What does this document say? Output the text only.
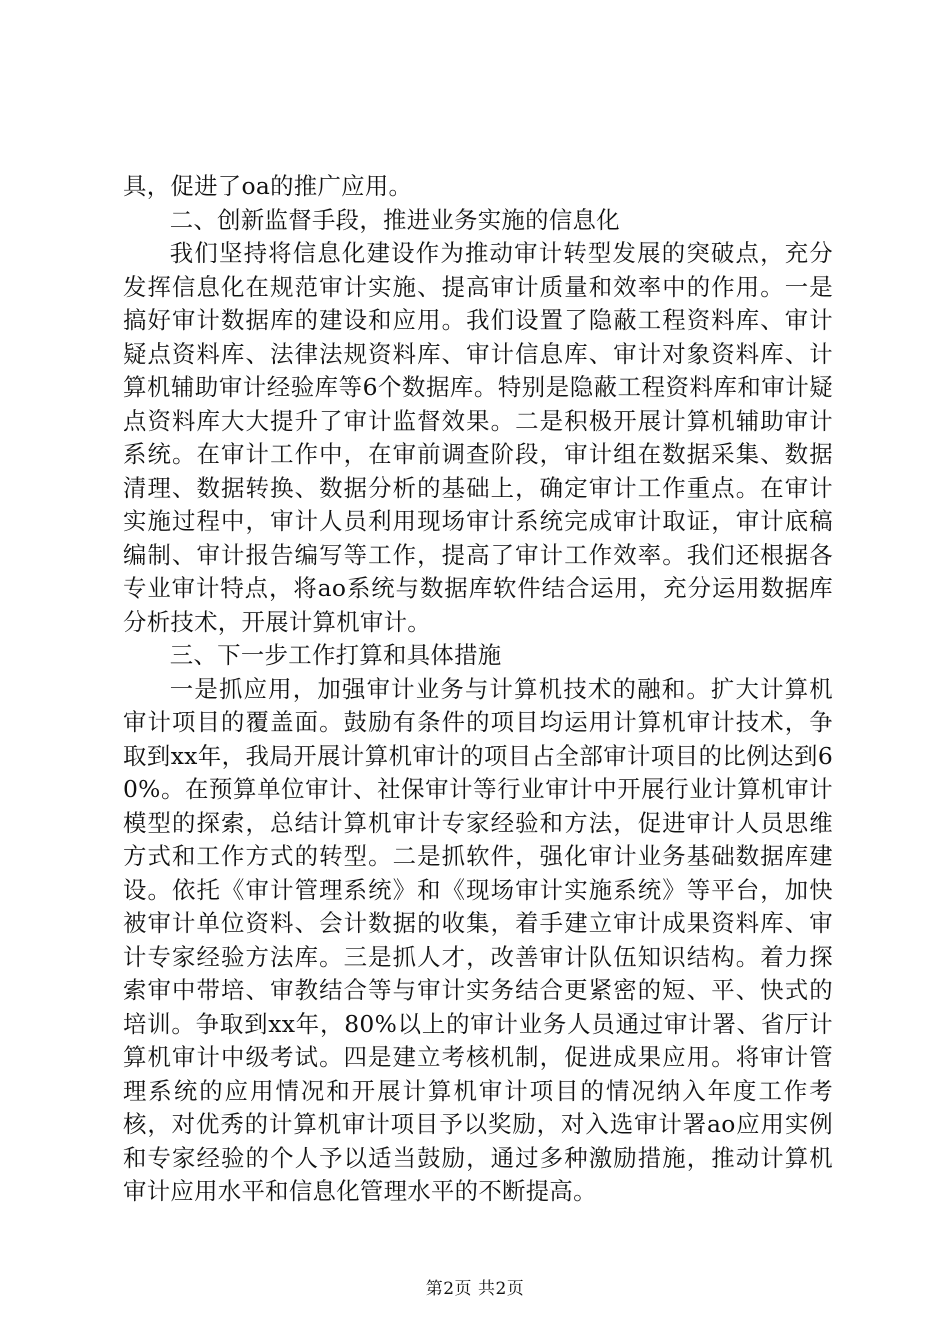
具，促进了oa的推广应用。

二、创新监督手段，推进业务实施的信息化

我们坚持将信息化建设作为推动审计转型发展的突破点，充分发挥信息化在规范审计实施、提高审计质量和效率中的作用。一是搞好审计数据库的建设和应用。我们设置了隐蔽工程资料库、审计疑点资料库、法律法规资料库、审计信息库、审计对象资料库、计算机辅助审计经验库等6个数据库。特别是隐蔽工程资料库和审计疑点资料库大大提升了审计监督效果。二是积极开展计算机辅助审计系统。在审计工作中，在审前调查阶段，审计组在数据采集、数据清理、数据转换、数据分析的基础上，确定审计工作重点。在审计实施过程中，审计人员利用现场审计系统完成审计取证，审计底稿编制、审计报告编写等工作，提高了审计工作效率。我们还根据各专业审计特点，将ao系统与数据库软件结合运用，充分运用数据库分析技术，开展计算机审计。

三、下一步工作打算和具体措施

一是抓应用，加强审计业务与计算机技术的融和。扩大计算机审计项目的覆盖面。鼓励有条件的项目均运用计算机审计技术，争取到xx年，我局开展计算机审计的项目占全部审计项目的比例达到60%。在预算单位审计、社保审计等行业审计中开展行业计算机审计模型的探索，总结计算机审计专家经验和方法，促进审计人员思维方式和工作方式的转型。二是抓软件，强化审计业务基础数据库建设。依托《审计管理系统》和《现场审计实施系统》等平台，加快被审计单位资料、会计数据的收集，着手建立审计成果资料库、审计专家经验方法库。三是抓人才，改善审计队伍知识结构。着力探索审中带培、审教结合等与审计实务结合更紧密的短、平、快式的培训。争取到xx年，80%以上的审计业务人员通过审计署、省厅计算机审计中级考试。四是建立考核机制，促进成果应用。将审计管理系统的应用情况和开展计算机审计项目的情况纳入年度工作考核，对优秀的计算机审计项目予以奖励，对入选审计署ao应用实例和专家经验的个人予以适当鼓励，通过多种激励措施，推动计算机审计应用水平和信息化管理水平的不断提高。

第2页 共2页
